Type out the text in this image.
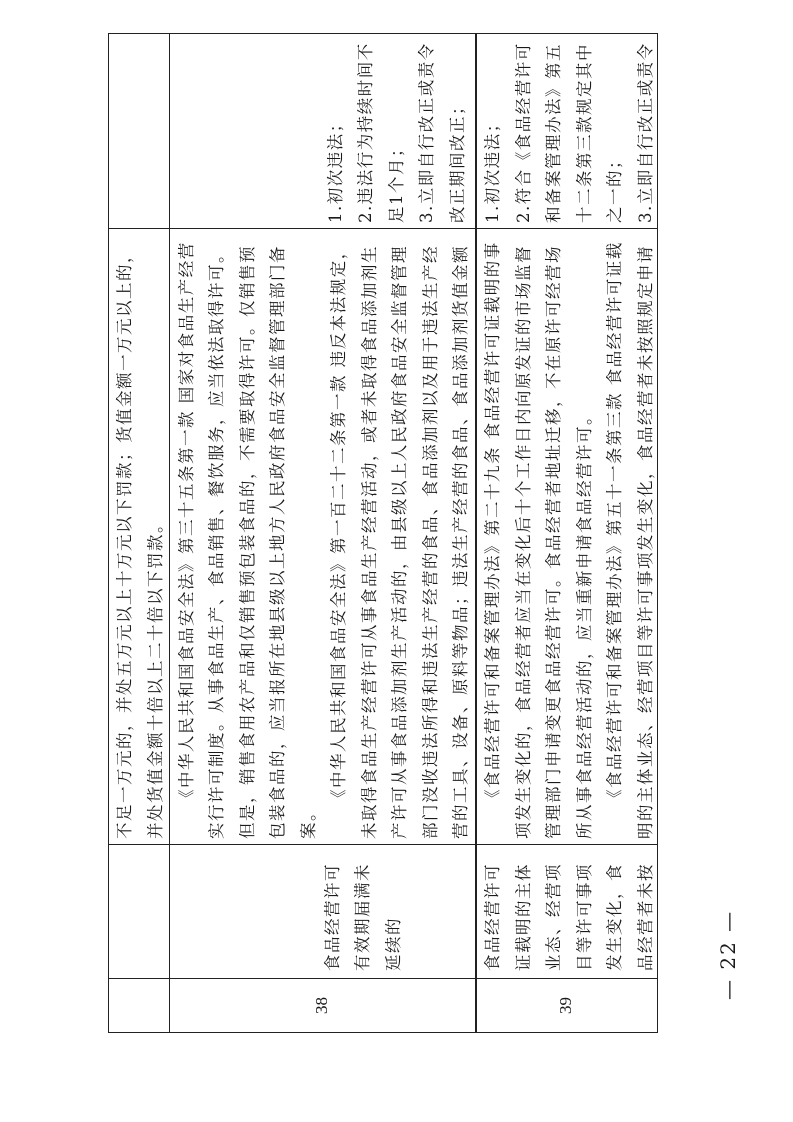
不足一万元的，并处五万元以上十万元以下罚款；货值金额一万元以上的，并处货值金额十倍以上二十倍以下罚款。

38

食品经营许可有效期届满未延续的

《中华人民共和国食品安全法》第三十五条第一款 国家对食品生产经营实行许可制度。从事食品生产、食品销售、餐饮服务，应当依法取得许可。但是，销售食用农产品和仅销售预包装食品的，不需要取得许可。仅销售预包装食品的，应当报所在地县级以上地方人民政府食品安全监督管理部门备案。

《中华人民共和国食品安全法》第一百二十二条第一款 违反本法规定，未取得食品生产经营许可从事食品生产经营活动，或者未取得食品添加剂生产许可从事食品添加剂生产活动的，由县级以上人民政府食品安全监督管理部门没收违法所得和违法生产经营的食品、食品添加剂以及用于违法生产经营的工具、设备、原料等物品；违法生产经营的食品、食品添加剂货值金额

1.初次违法； 2.违法行为持续时间不足1个月； 3.立即自行改正或责令改正期间改正；

39

食品经营许可证载明的主体业态、经营项目等许可事项发生变化，食品经营者未按

《食品经营许可和备案管理办法》第二十九条 食品经营许可证载明的事项发生变化的，食品经营者应当在变化后十个工作日内向原发证的市场监督管理部门申请变更食品经营许可。食品经营者地址迁移，不在原许可经营场所从事食品经营活动的，应当重新申请食品经营许可。 《食品经营许可和备案管理办法》第五十一条第三款 食品经营许可证载明的主体业态、经营项目等许可事项发生变化，食品经营者未按照规定申请

1.初次违法； 2.符合《食品经营许可和备案管理办法》第五十二条第三款规定其中之一的； 3.立即自行改正或责令

— 22 —
